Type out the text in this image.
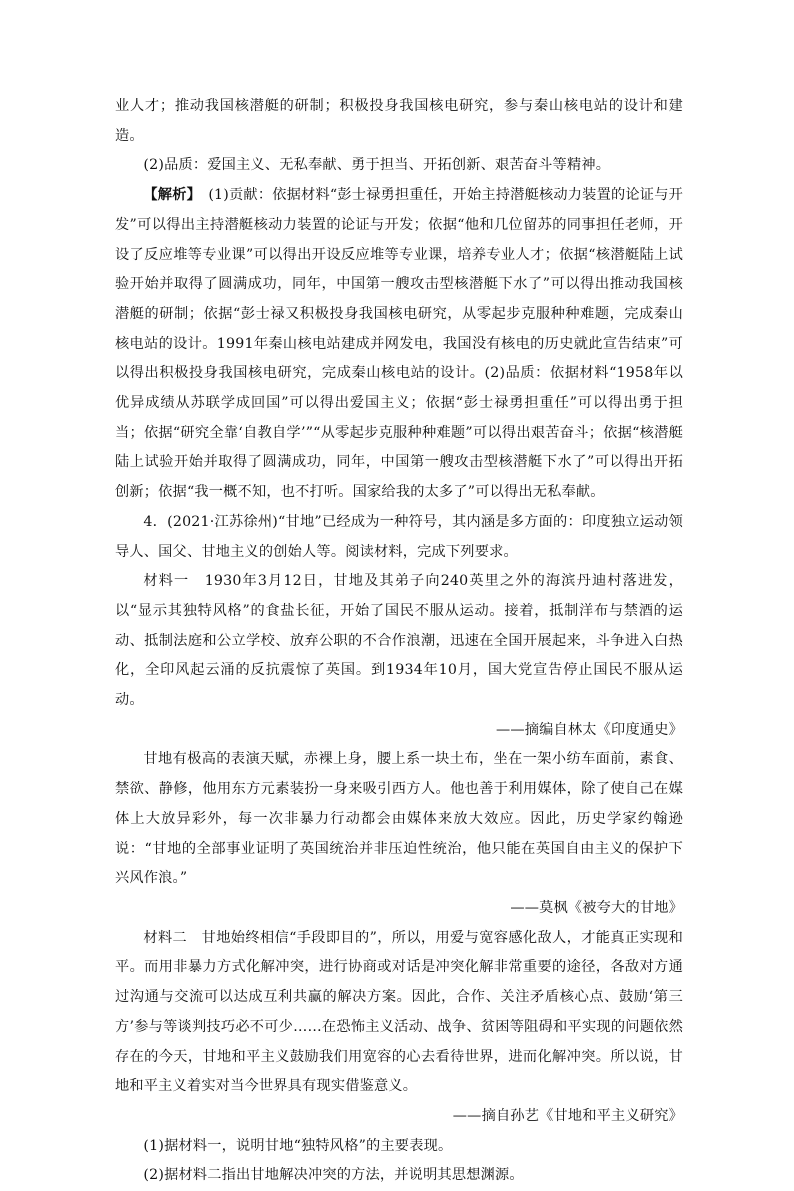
业人才；推动我国核潜艇的研制；积极投身我国核电研究，参与秦山核电站的设计和建造。

(2)品质：爱国主义、无私奉献、勇于担当、开拓创新、艰苦奋斗等精神。

【解析】　 (1)贡献：依据材料“彭士禄勇担重任，开始主持潜艇核动力装置的论证与开发”可以得出主持潜艇核动力装置的论证与开发；依据“他和几位留苏的同事担任老师，开设了反应堆等专业课”可以得出开设反应堆等专业课，培养专业人才；依据“核潜艇陆上试验开始并取得了圆满成功，同年，中国第一艘攻击型核潜艇下水了”可以得出推动我国核潜艇的研制；依据“彭士禄又积极投身我国核电研究，从零起步克服种种难题，完成秦山核电站的设计。1991年秦山核电站建成并网发电，我国没有核电的历史就此宣告结束”可以得出积极投身我国核电研究，完成秦山核电站的设计。(2)品质：依据材料“1958年以优异成绩从苏联学成回国”可以得出爱国主义；依据“彭士禄勇担重任”可以得出勇于担当；依据“研究全靠‘自教自学’”“从零起步克服种种难题”可以得出艰苦奋斗；依据“核潜艇陆上试验开始并取得了圆满成功，同年，中国第一艘攻击型核潜艇下水了”可以得出开拓创新；依据“我一概不知，也不打听。国家给我的太多了”可以得出无私奉献。

4．(2021·江苏徐州)“甘地”已经成为一种符号，其内涵是多方面的：印度独立运动领导人、国父、甘地主义的创始人等。阅读材料，完成下列要求。

材料一　1930年3月12日，甘地及其弟子向240英里之外的海滨丹迪村落进发，以“显示其独特风格”的食盐长征，开始了国民不服从运动。接着，抵制洋布与禁酒的运动、抵制法庭和公立学校、放弃公职的不合作浪潮，迅速在全国开展起来，斗争进入白热化，全印风起云涌的反抗震惊了英国。到1934年10月，国大党宣告停止国民不服从运动。

——摘编自林太《印度通史》

甘地有极高的表演天赋，赤裸上身，腰上系一块土布，坐在一架小纺车面前，素食、禁欲、静修，他用东方元素装扮一身来吸引西方人。他也善于利用媒体，除了使自己在媒体上大放异彩外，每一次非暴力行动都会由媒体来放大效应。因此，历史学家约翰逊说：“甘地的全部事业证明了英国统治并非压迫性统治，他只能在英国自由主义的保护下兴风作浪。”

——莫枫《被夸大的甘地》

材料二　甘地始终相信“手段即目的”，所以，用爱与宽容感化敌人，才能真正实现和平。而用非暴力方式化解冲突，进行协商或对话是冲突化解非常重要的途径，各敌对方通过沟通与交流可以达成互利共赢的解决方案。因此，合作、关注矛盾核心点、鼓励‘第三方’参与等谈判技巧必不可少……在恐怖主义活动、战争、贫困等阻碍和平实现的问题依然存在的今天，甘地和平主义鼓励我们用宽容的心去看待世界，进而化解冲突。所以说，甘地和平主义着实对当今世界具有现实借鉴意义。

——摘自孙艺《甘地和平主义研究》

(1)据材料一，说明甘地“独特风格”的主要表现。

(2)据材料二指出甘地解决冲突的方法，并说明其思想渊源。
